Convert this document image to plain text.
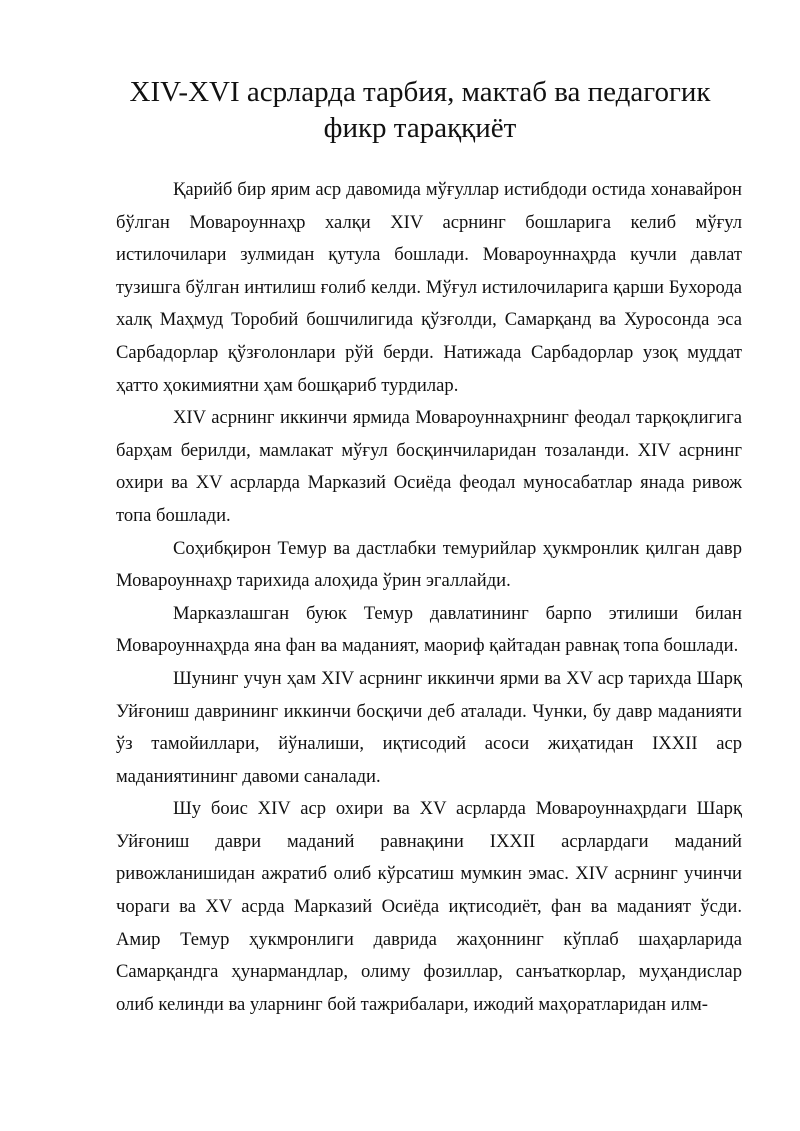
XIV-XVI асрларда тарбия, мактаб ва педагогик фикр тараққиёт

Қарийб бир ярим аср давомида мўғуллар истибдоди остида хонавайрон бўлган Мовароуннаҳр халқи XIV асрнинг бошларига келиб мўғул истилочилари зулмидан қутула бошлади. Мовароуннаҳрда кучли давлат тузишга бўлган интилиш ғолиб келди. Мўғул истилочиларига қарши Бухорода халқ Маҳмуд Торобий бошчилигида қўзғолди, Самарқанд ва Хуросонда эса Сарбадорлар қўзғолонлари рўй берди. Натижада Сарбадорлар узоқ муддат ҳатто ҳокимиятни ҳам бошқариб турдилар.

XIV асрнинг иккинчи ярмида Мовароуннаҳрнинг феодал тарқоқлигига барҳам берилди, мамлакат мўғул босқинчиларидан тозаланди. XIV асрнинг охири ва XV асрларда Марказий Осиёда феодал муносабатлар янада ривож топа бошлади.

Соҳибқирон Темур ва дастлабки темурийлар ҳукмронлик қилган давр Мовароуннаҳр тарихида алоҳида ўрин эгаллайди.

Марказлашган буюк Темур давлатининг барпо этилиши билан Мовароуннаҳрда яна фан ва маданият, маориф қайтадан равнақ топа бошлади.

Шунинг учун ҳам XIV асрнинг иккинчи ярми ва XV аср тарихда Шарқ Уйғониш даврининг иккинчи босқичи деб аталади. Чунки, бу давр маданияти ўз тамойиллари, йўналиши, иқтисодий асоси жиҳатидан IXXII аср маданиятининг давоми саналади.

Шу боис XIV аср охири ва XV асрларда Мовароуннаҳрдаги Шарқ Уйғониш даври маданий равнақини IXXII асрлардаги маданий ривожланишидан ажратиб олиб кўрсатиш мумкин эмас. XIV асрнинг учинчи чораги ва XV асрда Марказий Осиёда иқтисодиёт, фан ва маданият ўсди. Амир Темур ҳукмронлиги даврида жаҳоннинг кўплаб шаҳарларида Самарқандга ҳунармандлар, олиму фозиллар, санъаткорлар, муҳандислар олиб келинди ва уларнинг бой тажрибалари, ижодий маҳоратларидан илм-
